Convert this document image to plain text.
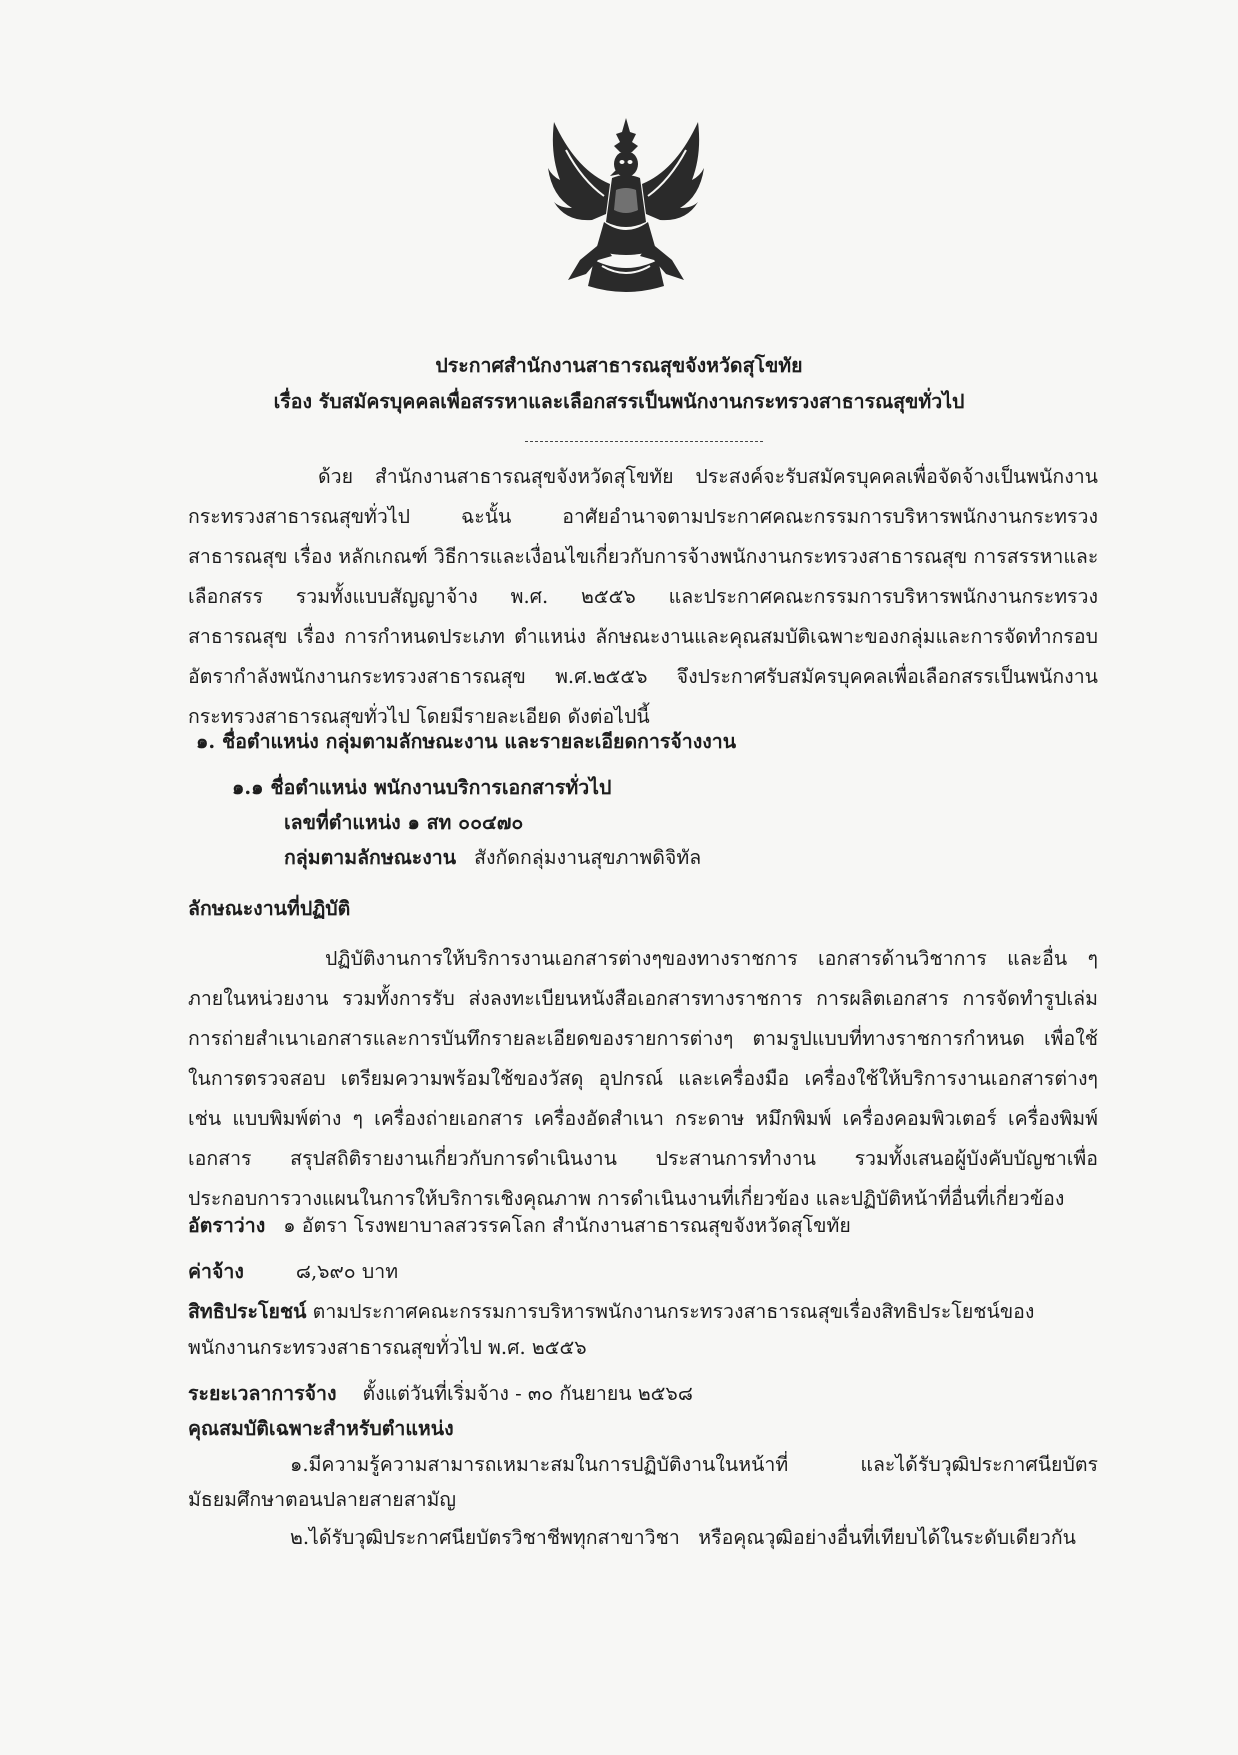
ประกาศสำนักงานสาธารณสุขจังหวัดสุโขทัย
เรื่อง รับสมัครบุคคลเพื่อสรรหาและเลือกสรรเป็นพนักงานกระทรวงสาธารณสุขทั่วไป
ด้วย สำนักงานสาธารณสุขจังหวัดสุโขทัย ประสงค์จะรับสมัครบุคคลเพื่อจัดจ้างเป็นพนักงาน
กระทรวงสาธารณสุขทั่วไป ฉะนั้น อาศัยอำนาจตามประกาศคณะกรรมการบริหารพนักงานกระทรวง
สาธารณสุข เรื่อง หลักเกณฑ์ วิธีการและเงื่อนไขเกี่ยวกับการจ้างพนักงานกระทรวงสาธารณสุข การสรรหาและ
เลือกสรร รวมทั้งแบบสัญญาจ้าง พ.ศ. ๒๕๕๖ และประกาศคณะกรรมการบริหารพนักงานกระทรวง
สาธารณสุข เรื่อง การกำหนดประเภท ตำแหน่ง ลักษณะงานและคุณสมบัติเฉพาะของกลุ่มและการจัดทำกรอบ
อัตรากำลังพนักงานกระทรวงสาธารณสุข พ.ศ.๒๕๕๖ จึงประกาศรับสมัครบุคคลเพื่อเลือกสรรเป็นพนักงาน
กระทรวงสาธารณสุขทั่วไป โดยมีรายละเอียด ดังต่อไปนี้
๑. ชื่อตำแหน่ง กลุ่มตามลักษณะงาน และรายละเอียดการจ้างงาน
๑.๑ ชื่อตำแหน่ง พนักงานบริการเอกสารทั่วไป
เลขที่ตำแหน่ง ๑ สท ๐๐๔๗๐
กลุ่มตามลักษณะงาน สังกัดกลุ่มงานสุขภาพดิจิทัล
ลักษณะงานที่ปฏิบัติ
ปฏิบัติงานการให้บริการงานเอกสารต่างๆของทางราชการ เอกสารด้านวิชาการ และอื่น ๆ
ภายในหน่วยงาน รวมทั้งการรับ ส่งลงทะเบียนหนังสือเอกสารทางราชการ การผลิตเอกสาร การจัดทำรูปเล่ม
การถ่ายสำเนาเอกสารและการบันทึกรายละเอียดของรายการต่างๆ ตามรูปแบบที่ทางราชการกำหนด เพื่อใช้
ในการตรวจสอบ เตรียมความพร้อมใช้ของวัสดุ อุปกรณ์ และเครื่องมือ เครื่องใช้ให้บริการงานเอกสารต่างๆ
เช่น แบบพิมพ์ต่าง ๆ เครื่องถ่ายเอกสาร เครื่องอัดสำเนา กระดาษ หมึกพิมพ์ เครื่องคอมพิวเตอร์ เครื่องพิมพ์
เอกสาร สรุปสถิติรายงานเกี่ยวกับการดำเนินงาน ประสานการทำงาน รวมทั้งเสนอผู้บังคับบัญชาเพื่อ
ประกอบการวางแผนในการให้บริการเชิงคุณภาพ การดำเนินงานที่เกี่ยวข้อง และปฏิบัติหน้าที่อื่นที่เกี่ยวข้อง
อัตราว่าง ๑ อัตรา โรงพยาบาลสวรรคโลก สำนักงานสาธารณสุขจังหวัดสุโขทัย
ค่าจ้าง	๘,๖๙๐ บาท
สิทธิประโยชน์ ตามประกาศคณะกรรมการบริหารพนักงานกระทรวงสาธารณสุขเรื่องสิทธิประโยชน์ของ
พนักงานกระทรวงสาธารณสุขทั่วไป พ.ศ. ๒๕๕๖
ระยะเวลาการจ้าง ตั้งแต่วันที่เริ่มจ้าง - ๓๐ กันยายน ๒๕๖๘
คุณสมบัติเฉพาะสำหรับตำแหน่ง
๑.มีความรู้ความสามารถเหมาะสมในการปฏิบัติงานในหน้าที่ และได้รับวุฒิประกาศนียบัตร
มัธยมศึกษาตอนปลายสายสามัญ
๒.ได้รับวุฒิประกาศนียบัตรวิชาชีพทุกสาขาวิชา หรือคุณวุฒิอย่างอื่นที่เทียบได้ในระดับเดียวกัน
